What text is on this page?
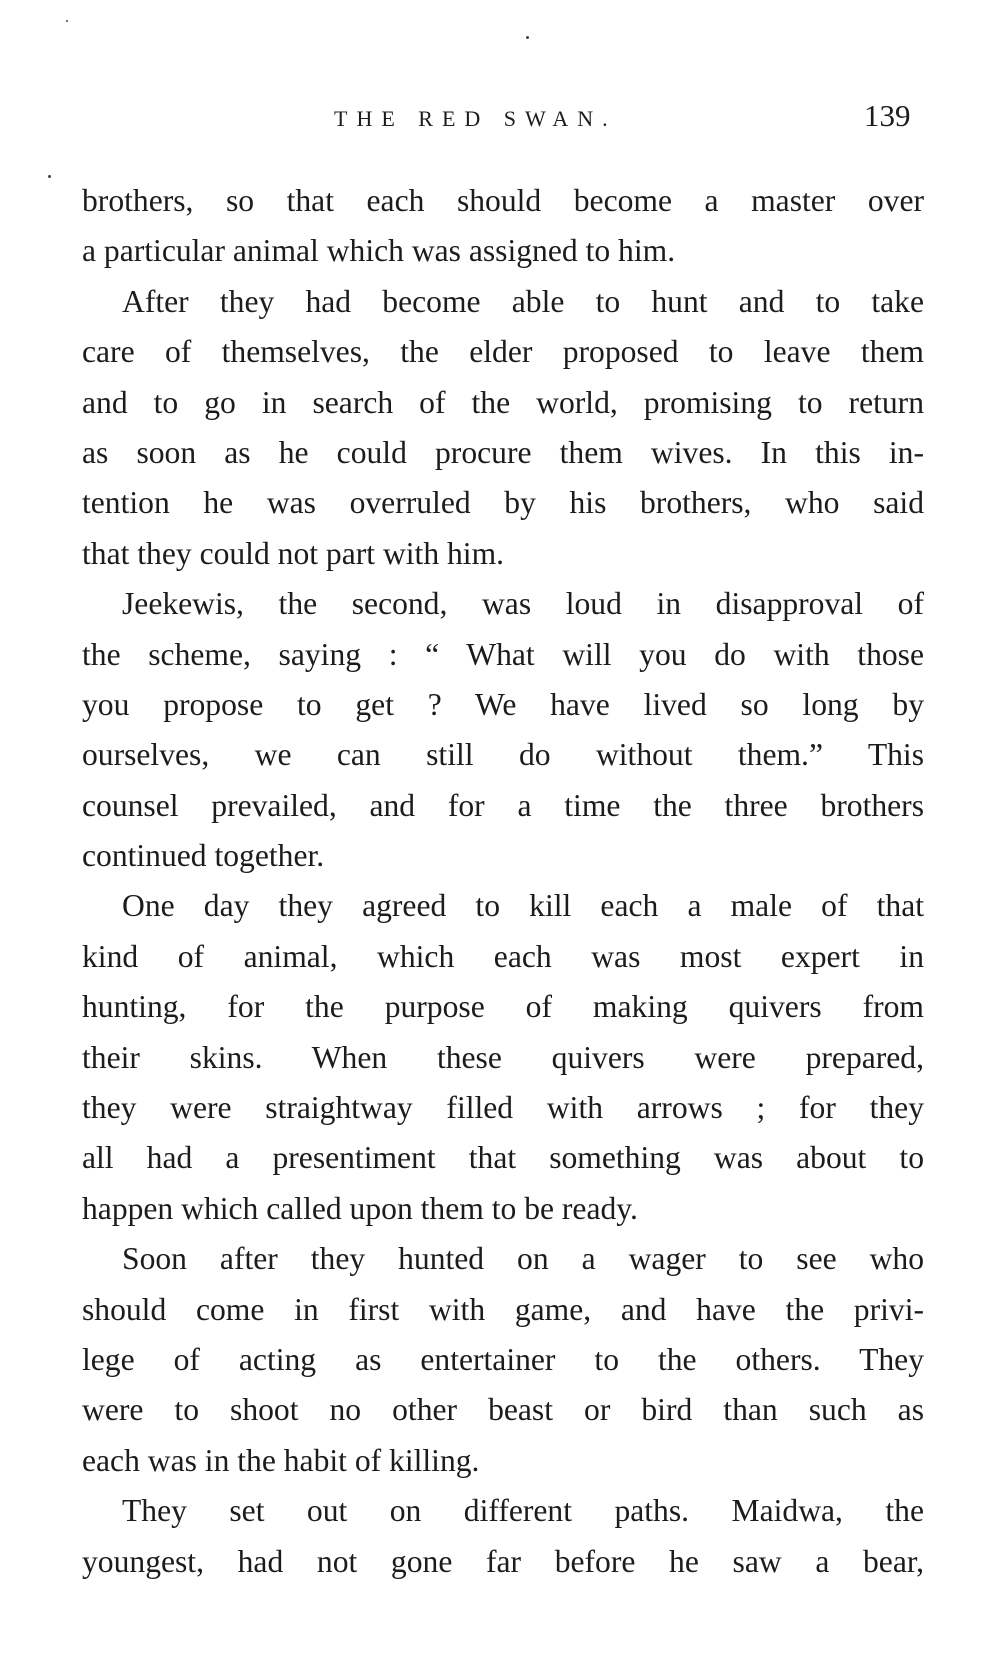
THE RED SWAN.	139
brothers, so that each should become a master over
a particular animal which was assigned to him.
After they had become able to hunt and to take
care of themselves, the elder proposed to leave them
and to go in search of the world, promising to return
as soon as he could procure them wives. In this in-
tention he was overruled by his brothers, who said
that they could not part with him.
Jeekewis, the second, was loud in disapproval of
the scheme, saying : “ What will you do with those
you propose to get ? We have lived so long by
ourselves, we can still do without them.” This
counsel prevailed, and for a time the three brothers
continued together.
One day they agreed to kill each a male of that
kind of animal, which each was most expert in
hunting, for the purpose of making quivers from
their skins. When these quivers were prepared,
they were straightway filled with arrows ; for they
all had a presentiment that something was about to
happen which called upon them to be ready.
Soon after they hunted on a wager to see who
should come in first with game, and have the privi-
lege of acting as entertainer to the others. They
were to shoot no other beast or bird than such as
each was in the habit of killing.
They set out on different paths. Maidwa, the
youngest, had not gone far before he saw a bear,
